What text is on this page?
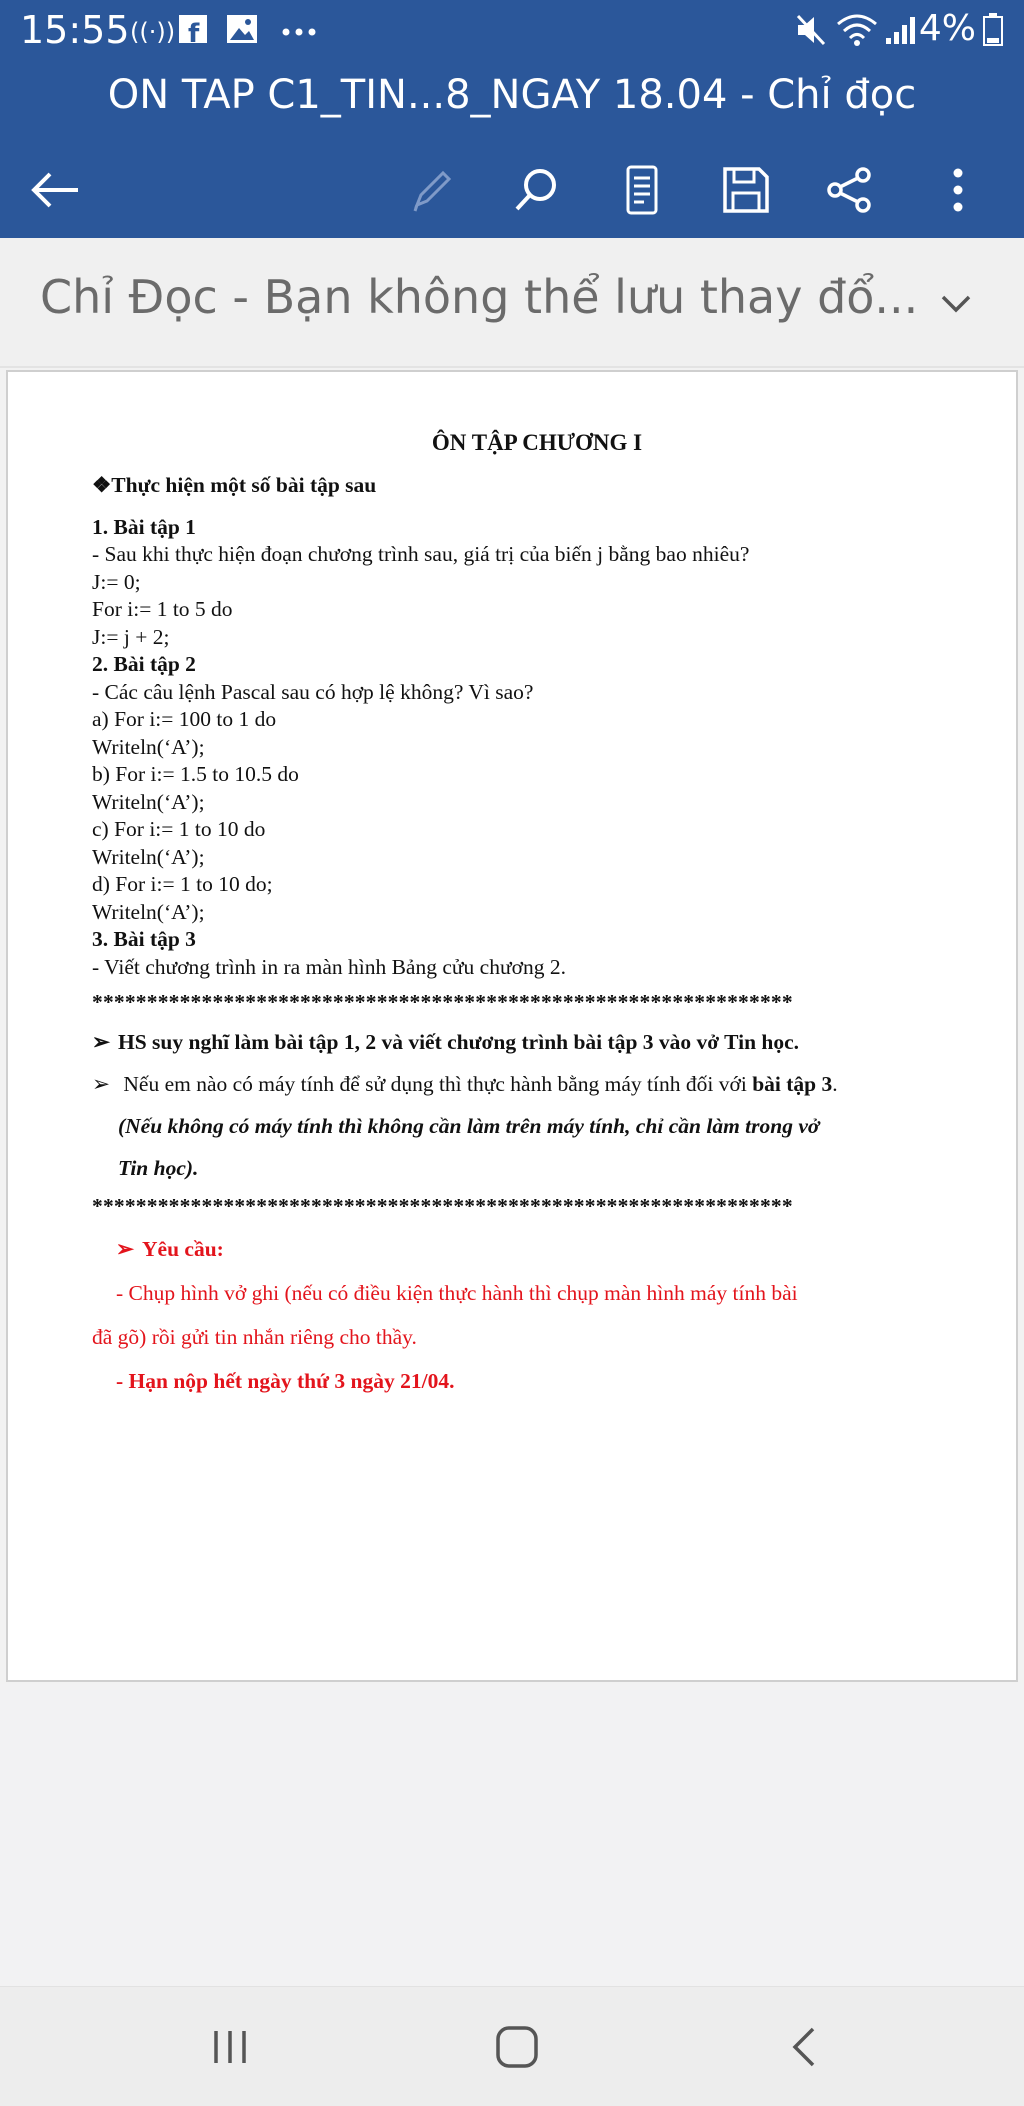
15:55 ((·)) f	4%
ON TAP C1_TIN...8_NGAY 18.04 - Chỉ đọc
Chỉ Đọc - Bạn không thể lưu thay đổ...
ÔN TẬP CHƯƠNG I
❖Thực hiện một số bài tập sau
1. Bài tập 1
- Sau khi thực hiện đoạn chương trình sau, giá trị của biến j bằng bao nhiêu?
J:= 0;
For i:= 1 to 5 do
J:= j + 2;
2. Bài tập 2
- Các câu lệnh Pascal sau có hợp lệ không? Vì sao?
a) For i:= 100 to 1 do
Writeln(‘A’);
b) For i:= 1.5 to 10.5 do
Writeln(‘A’);
c) For i:= 1 to 10 do
Writeln(‘A’);
d) For i:= 1 to 10 do;
Writeln(‘A’);
3. Bài tập 3
- Viết chương trình in ra màn hình Bảng cửu chương 2.
****************************************************************
➢ HS suy nghĩ làm bài tập 1, 2 và viết chương trình bài tập 3 vào vở Tin học.
➢ Nếu em nào có máy tính để sử dụng thì thực hành bằng máy tính đối với bài tập 3.
(Nếu không có máy tính thì không cần làm trên máy tính, chỉ cần làm trong vở
Tin học).
****************************************************************
➢ Yêu cầu:
- Chụp hình vở ghi (nếu có điều kiện thực hành thì chụp màn hình máy tính bài
đã gõ) rồi gửi tin nhắn riêng cho thầy.
- Hạn nộp hết ngày thứ 3 ngày 21/04.
